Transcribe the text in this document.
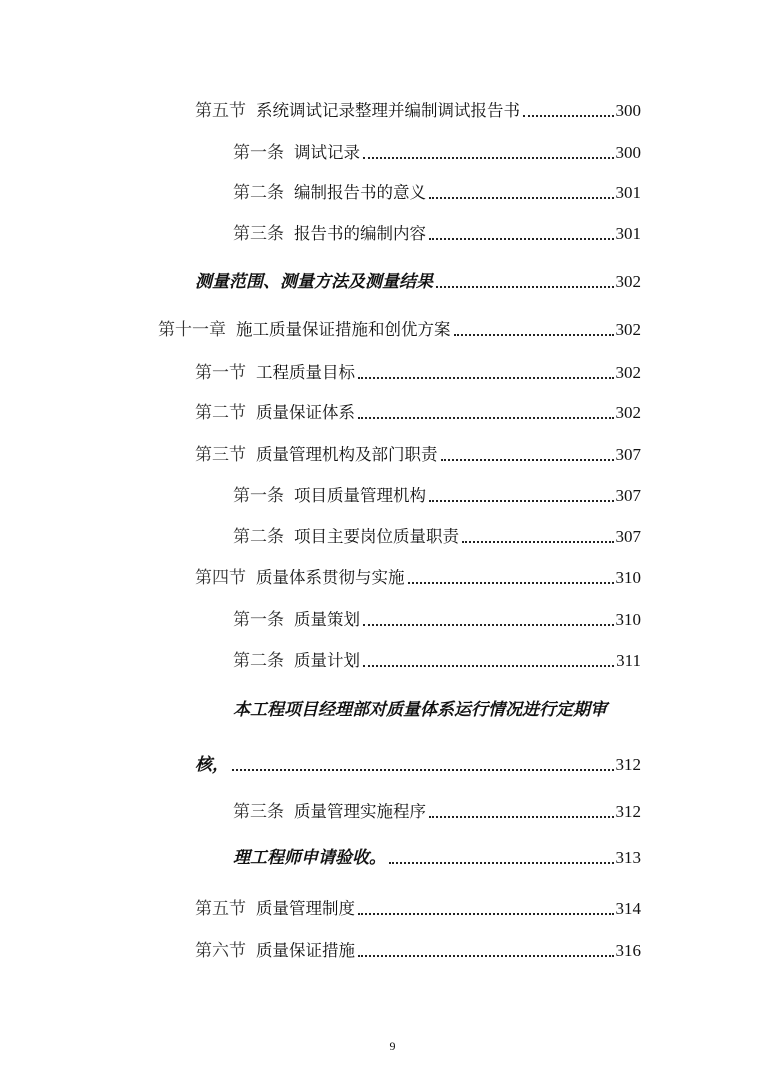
第五节 系统调试记录整理并编制调试报告书	300
第一条 调试记录	300
第二条 编制报告书的意义	301
第三条 报告书的编制内容	301
测量范围、测量方法及测量结果	302
第十一章 施工质量保证措施和创优方案	302
第一节 工程质量目标	302
第二节 质量保证体系	302
第三节 质量管理机构及部门职责	307
第一条 项目质量管理机构	307
第二条 项目主要岗位质量职责	307
第四节 质量体系贯彻与实施	310
第一条 质量策划	310
第二条 质量计划	311
本工程项目经理部对质量体系运行情况进行定期审
核，	312
第三条 质量管理实施程序	312
理工程师申请验收。	313
第五节 质量管理制度	314
第六节 质量保证措施	316
9
